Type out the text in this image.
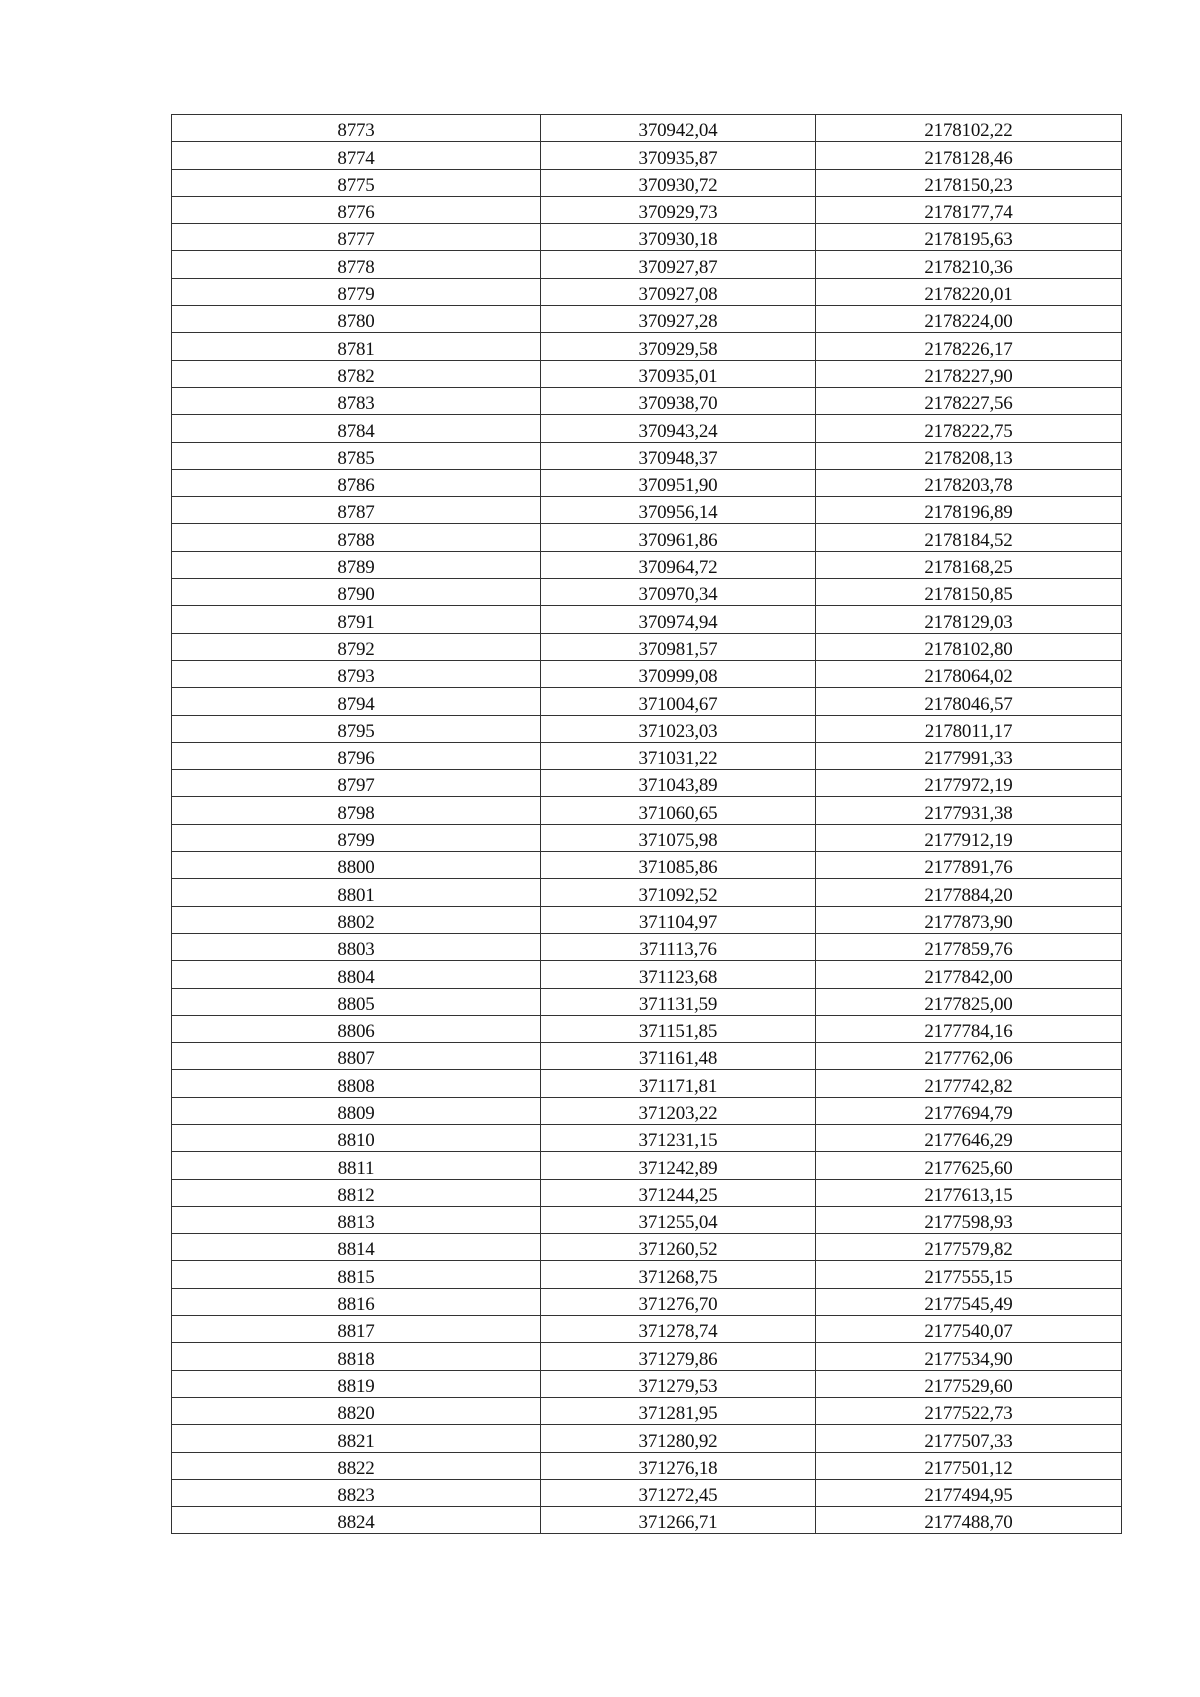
8773	370942,04	2178102,22
8774	370935,87	2178128,46
8775	370930,72	2178150,23
8776	370929,73	2178177,74
8777	370930,18	2178195,63
8778	370927,87	2178210,36
8779	370927,08	2178220,01
8780	370927,28	2178224,00
8781	370929,58	2178226,17
8782	370935,01	2178227,90
8783	370938,70	2178227,56
8784	370943,24	2178222,75
8785	370948,37	2178208,13
8786	370951,90	2178203,78
8787	370956,14	2178196,89
8788	370961,86	2178184,52
8789	370964,72	2178168,25
8790	370970,34	2178150,85
8791	370974,94	2178129,03
8792	370981,57	2178102,80
8793	370999,08	2178064,02
8794	371004,67	2178046,57
8795	371023,03	2178011,17
8796	371031,22	2177991,33
8797	371043,89	2177972,19
8798	371060,65	2177931,38
8799	371075,98	2177912,19
8800	371085,86	2177891,76
8801	371092,52	2177884,20
8802	371104,97	2177873,90
8803	371113,76	2177859,76
8804	371123,68	2177842,00
8805	371131,59	2177825,00
8806	371151,85	2177784,16
8807	371161,48	2177762,06
8808	371171,81	2177742,82
8809	371203,22	2177694,79
8810	371231,15	2177646,29
8811	371242,89	2177625,60
8812	371244,25	2177613,15
8813	371255,04	2177598,93
8814	371260,52	2177579,82
8815	371268,75	2177555,15
8816	371276,70	2177545,49
8817	371278,74	2177540,07
8818	371279,86	2177534,90
8819	371279,53	2177529,60
8820	371281,95	2177522,73
8821	371280,92	2177507,33
8822	371276,18	2177501,12
8823	371272,45	2177494,95
8824	371266,71	2177488,70
